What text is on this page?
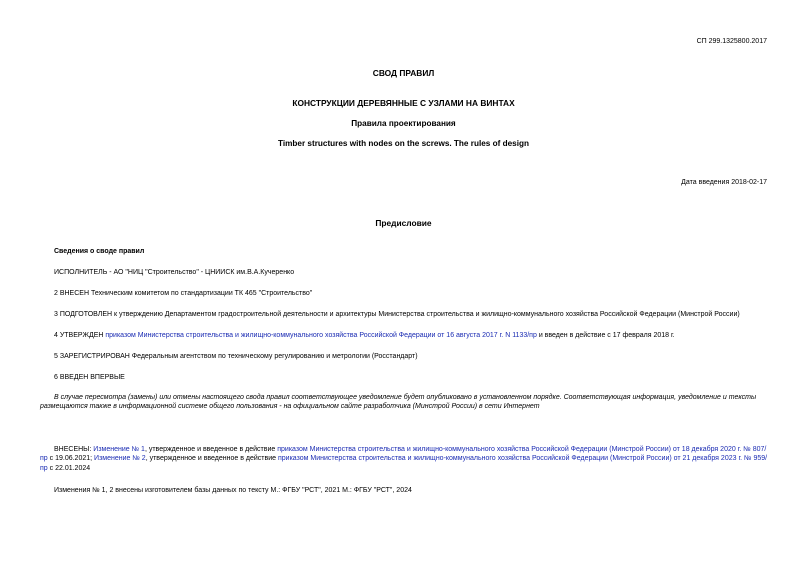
СП 299.1325800.2017
СВОД ПРАВИЛ
КОНСТРУКЦИИ ДЕРЕВЯННЫЕ С УЗЛАМИ НА ВИНТАХ
Правила проектирования
Timber structures with nodes on the screws. The rules of design
Дата введения 2018-02-17
Предисловие
Сведения о своде правил
ИСПОЛНИТЕЛЬ - АО "НИЦ "Строительство" - ЦНИИСК им.В.А.Кучеренко
2 ВНЕСЕН Техническим комитетом по стандартизации ТК 465 "Строительство"
3 ПОДГОТОВЛЕН к утверждению Департаментом градостроительной деятельности и архитектуры Министерства строительства и жилищно-коммунального хозяйства Российской Федерации (Минстрой России)
4 УТВЕРЖДЕН приказом Министерства строительства и жилищно-коммунального хозяйства Российской Федерации от 16 августа 2017 г. N 1133/пр и введен в действие с 17 февраля 2018 г.
5 ЗАРЕГИСТРИРОВАН Федеральным агентством по техническому регулированию и метрологии (Росстандарт)
6 ВВЕДЕН ВПЕРВЫЕ
В случае пересмотра (замены) или отмены настоящего свода правил соответствующее уведомление будет опубликовано в установленном порядке. Соответствующая информация, уведомление и тексты размещаются также в информационной системе общего пользования - на официальном сайте разработчика (Минстрой России) в сети Интернет
ВНЕСЕНЫ: Изменение № 1, утвержденное и введенное в действие приказом Министерства строительства и жилищно-коммунального хозяйства Российской Федерации (Минстрой России) от 18 декабря 2020 г. № 807/пр с 19.06.2021; Изменение № 2, утвержденное и введенное в действие приказом Министерства строительства и жилищно-коммунального хозяйства Российской Федерации (Минстрой России) от 21 декабря 2023 г. № 959/пр с 22.01.2024
Изменения № 1, 2 внесены изготовителем базы данных по тексту М.: ФГБУ "РСТ", 2021 М.: ФГБУ "РСТ", 2024
